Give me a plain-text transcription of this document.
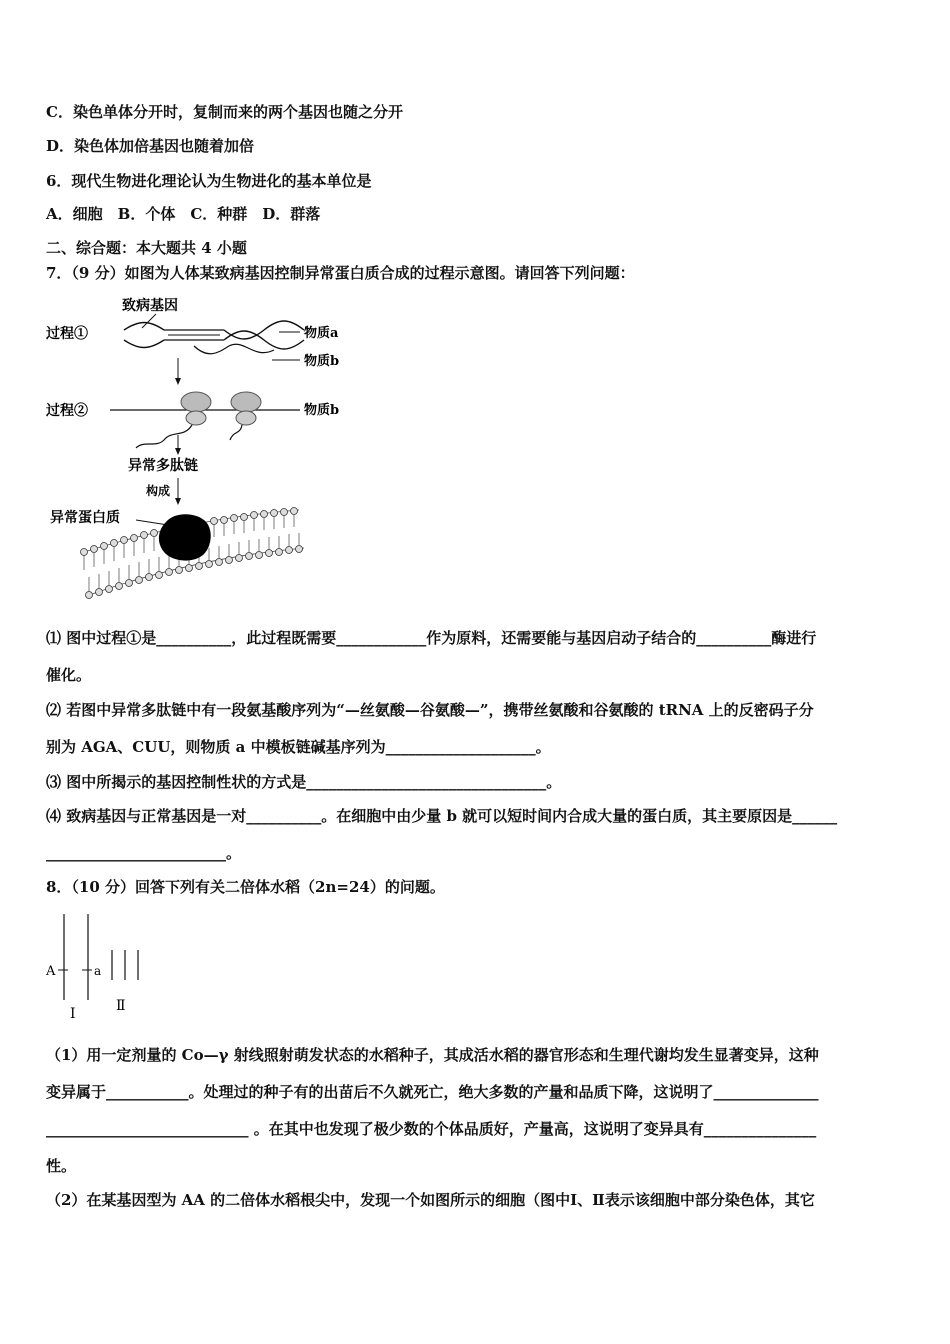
C．染色单体分开时，复制而来的两个基因也随之分开
D．染色体加倍基因也随着加倍
6．现代生物进化理论认为生物进化的基本单位是
A．细胞　B．个体　C．种群　D．群落
二、综合题：本大题共 4 小题
7．（9 分）如图为人体某致病基因控制异常蛋白质合成的过程示意图。请回答下列问题：
致病基因
过程①	物质a
物质b
过程②	物质b
异常多肽链
构成
异常蛋白质
⑴ 图中过程①是__________，此过程既需要____________作为原料，还需要能与基因启动子结合的__________酶进行
催化。
⑵ 若图中异常多肽链中有一段氨基酸序列为“—丝氨酸—谷氨酸—”，携带丝氨酸和谷氨酸的 tRNA 上的反密码子分
别为 AGA、CUU，则物质 a 中模板链碱基序列为____________________。
⑶ 图中所揭示的基因控制性状的方式是________________________________。
⑷ 致病基因与正常基因是一对__________。在细胞中由少量 b 就可以短时间内合成大量的蛋白质，其主要原因是______
________________________。
8．（10 分）回答下列有关二倍体水稻（2n=24）的问题。
A	a
Ⅰ	Ⅱ
（1）用一定剂量的 Co—γ 射线照射萌发状态的水稻种子，其成活水稻的器官形态和生理代谢均发生显著变异，这种
变异属于___________。处理过的种子有的出苗后不久就死亡，绝大多数的产量和品质下降，这说明了______________
___________________________ 。在其中也发现了极少数的个体品质好，产量高，这说明了变异具有_______________
性。
（2）在某基因型为 AA 的二倍体水稻根尖中，发现一个如图所示的细胞（图中Ⅰ、Ⅱ表示该细胞中部分染色体，其它
